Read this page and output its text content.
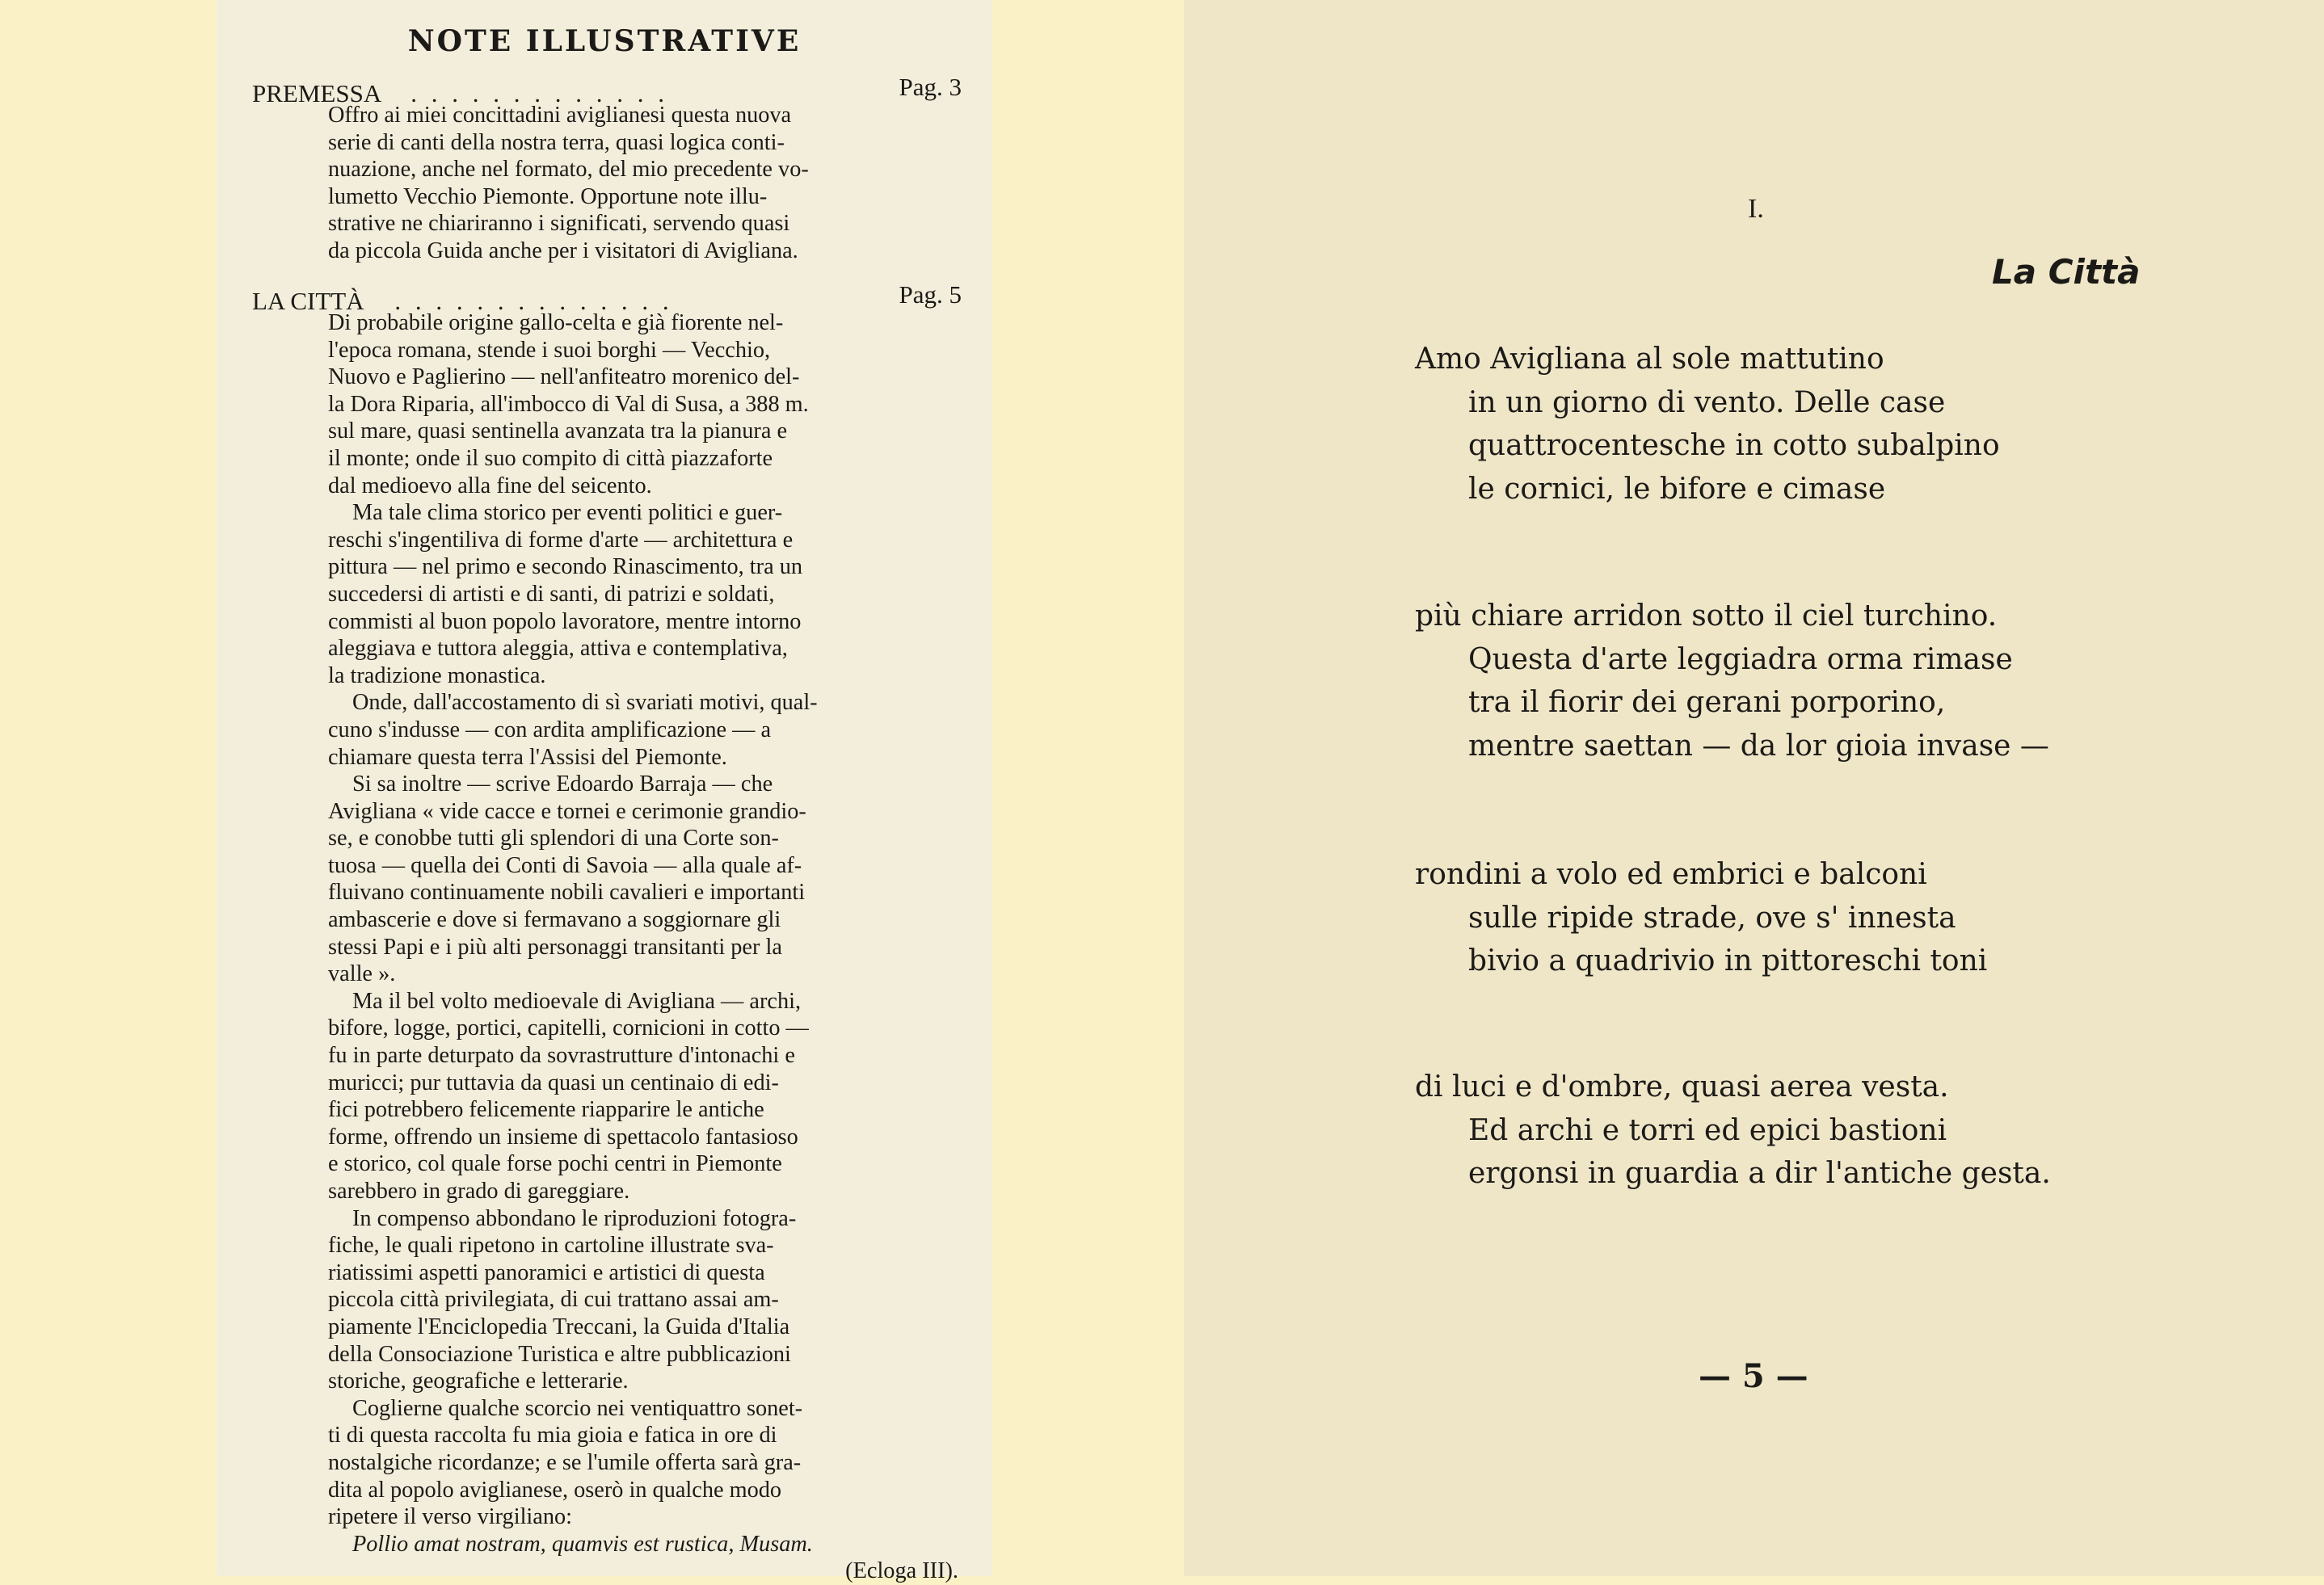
NOTE ILLUSTRATIVE
PREMESSA . . . . . . . . . . . . .	Pag. 3
Offro ai miei concittadini aviglianesi questa nuova
serie di canti della nostra terra, quasi logica conti-
nuazione, anche nel formato, del mio precedente vo-
lumetto Vecchio Piemonte. Opportune note illu-
strative ne chiariranno i significati, servendo quasi
da piccola Guida anche per i visitatori di Avigliana.
LA CITTÀ . . . . . . . . . . . . . .	Pag. 5
Di probabile origine gallo-celta e già fiorente nel-
l'epoca romana, stende i suoi borghi — Vecchio,
Nuovo e Paglierino — nell'anfiteatro morenico del-
la Dora Riparia, all'imbocco di Val di Susa, a 388 m.
sul mare, quasi sentinella avanzata tra la pianura e
il monte; onde il suo compito di città piazzaforte
dal medioevo alla fine del seicento.
Ma tale clima storico per eventi politici e guer-
reschi s'ingentiliva di forme d'arte — architettura e
pittura — nel primo e secondo Rinascimento, tra un
succedersi di artisti e di santi, di patrizi e soldati,
commisti al buon popolo lavoratore, mentre intorno
aleggiava e tuttora aleggia, attiva e contemplativa,
la tradizione monastica.
Onde, dall'accostamento di sì svariati motivi, qual-
cuno s'indusse — con ardita amplificazione — a
chiamare questa terra l'Assisi del Piemonte.
Si sa inoltre — scrive Edoardo Barraja — che
Avigliana « vide cacce e tornei e cerimonie grandio-
se, e conobbe tutti gli splendori di una Corte son-
tuosa — quella dei Conti di Savoia — alla quale af-
fluivano continuamente nobili cavalieri e importanti
ambascerie e dove si fermavano a soggiornare gli
stessi Papi e i più alti personaggi transitanti per la
valle ».
Ma il bel volto medioevale di Avigliana — archi,
bifore, logge, portici, capitelli, cornicioni in cotto —
fu in parte deturpato da sovrastrutture d'intonachi e
muricci; pur tuttavia da quasi un centinaio di edi-
fici potrebbero felicemente riapparire le antiche
forme, offrendo un insieme di spettacolo fantasioso
e storico, col quale forse pochi centri in Piemonte
sarebbero in grado di gareggiare.
In compenso abbondano le riproduzioni fotogra-
fiche, le quali ripetono in cartoline illustrate sva-
riatissimi aspetti panoramici e artistici di questa
piccola città privilegiata, di cui trattano assai am-
piamente l'Enciclopedia Treccani, la Guida d'Italia
della Consociazione Turistica e altre pubblicazioni
storiche, geografiche e letterarie.
Coglierne qualche scorcio nei ventiquattro sonet-
ti di questa raccolta fu mia gioia e fatica in ore di
nostalgiche ricordanze; e se l'umile offerta sarà gra-
dita al popolo aviglianese, oserò in qualche modo
ripetere il verso virgiliano:
Pollio amat nostram, quamvis est rustica, Musam.
(Ecloga III).
I.
La Città
Amo Avigliana al sole mattutino
in un giorno di vento. Delle case
quattrocentesche in cotto subalpino
le cornici, le bifore e cimase
più chiare arridon sotto il ciel turchino.
Questa d'arte leggiadra orma rimase
tra il fiorir dei gerani porporino,
mentre saettan — da lor gioia invase —
rondini a volo ed embrici e balconi
sulle ripide strade, ove s' innesta
bivio a quadrivio in pittoreschi toni
di luci e d'ombre, quasi aerea vesta.
Ed archi e torri ed epici bastioni
ergonsi in guardia a dir l'antiche gesta.
— 5 —
